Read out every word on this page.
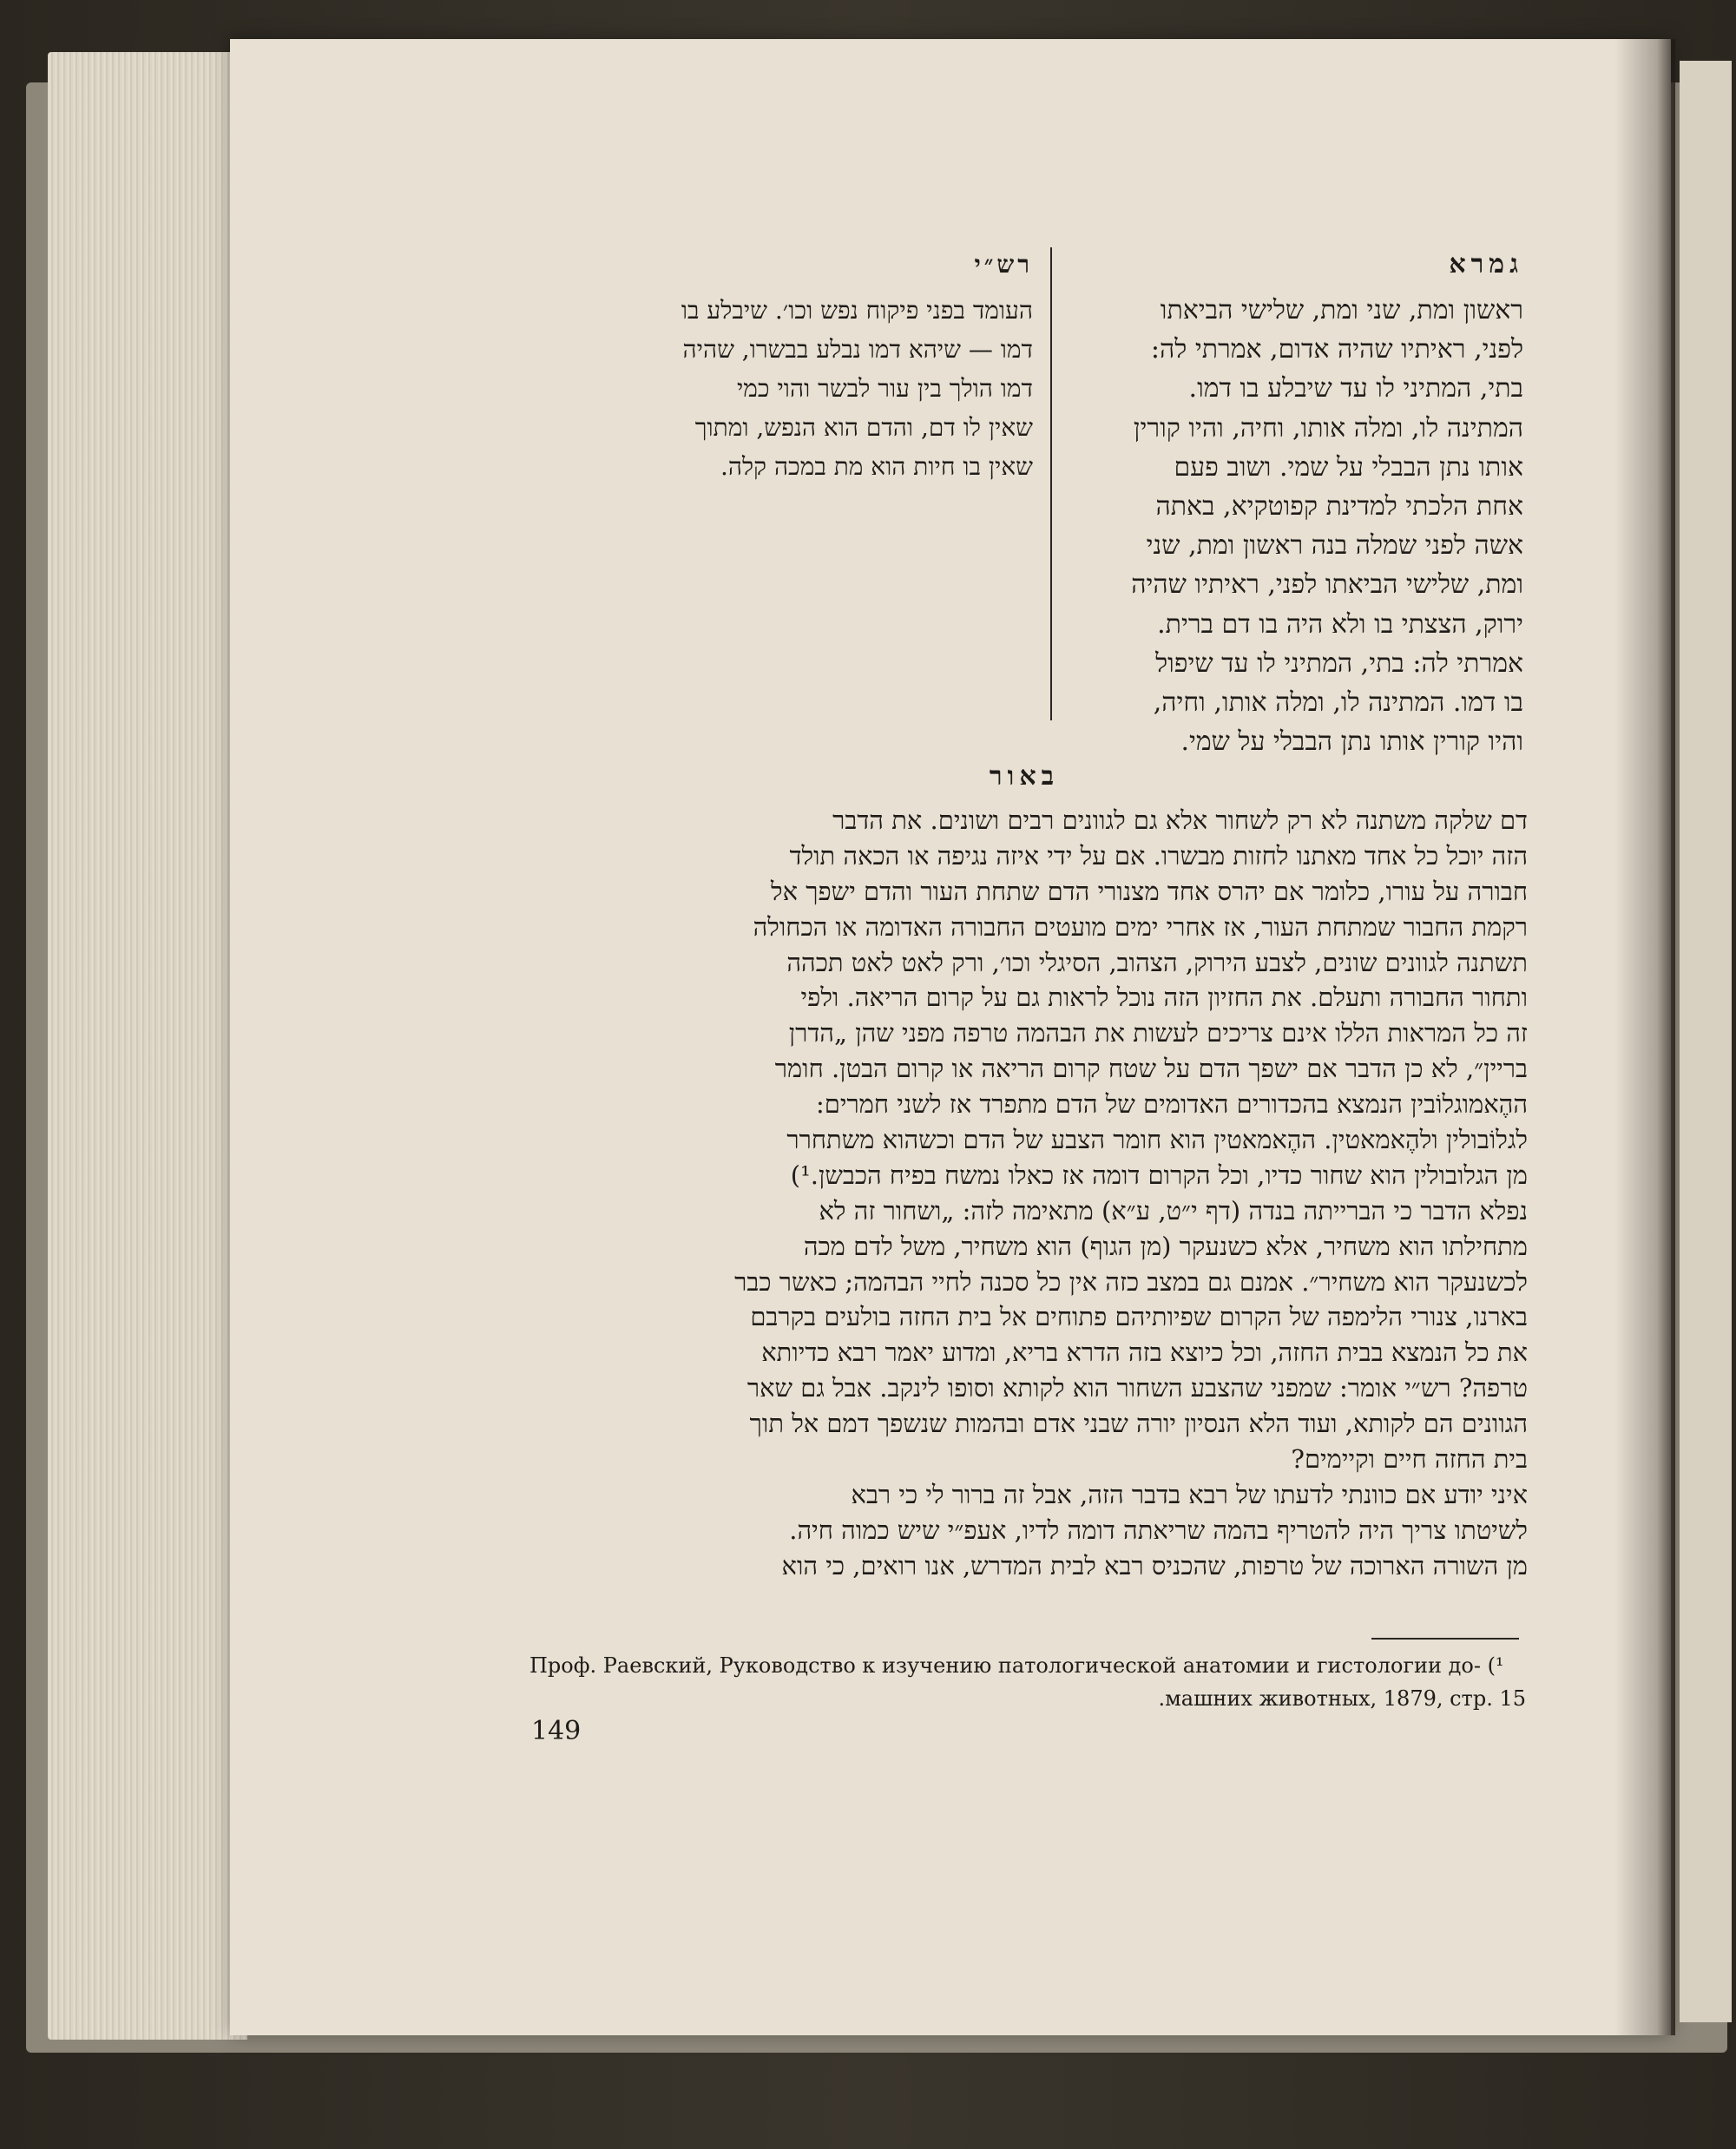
גמרא
ראשון ומת, שני ומת, שלישי הביאתו
לפני, ראיתיו שהיה אדום, אמרתי לה:
בתי, המתיני לו עד שיבלע בו דמו.
המתינה לו, ומלה אותו, וחיה, והיו קורין
אותו נתן הבבלי על שמי. ושוב פעם
אחת הלכתי למדינת קפוטקיא, באתה
אשה לפני שמלה בנה ראשון ומת, שני
ומת, שלישי הביאתו לפני, ראיתיו שהיה
ירוק, הצצתי בו ולא היה בו דם ברית.
אמרתי לה: בתי, המתיני לו עד שיפול
בו דמו. המתינה לו, ומלה אותו, וחיה,
והיו קורין אותו נתן הבבלי על שמי.
רש״י
העומד בפני פיקוח נפש וכו׳. שיבלע בו
דמו — שיהא דמו נבלע בבשרו, שהיה
דמו הולך בין עור לבשר והוי כמי
שאין לו דם, והדם הוא הנפש, ומתוך
שאין בו חיות הוא מת במכה קלה.
באור
דם שלקה משתנה לא רק לשחור אלא גם לגוונים רבים ושונים. את הדבר
הזה יוכל כל אחד מאתנו לחזות מבשרו. אם על ידי איזה נגיפה או הכאה תולד
חבורה על עורו, כלומר אם יהרס אחד מצנורי הדם שתחת העור והדם ישפך אל
רקמת החבור שמתחת העור, אז אחרי ימים מועטים החבורה האדומה או הכחולה
תשתנה לגוונים שונים, לצבע הירוק, הצהוב, הסיגלי וכו׳, ורק לאט לאט תכהה
ותחור החבורה ותעלם. את החזיון הזה נוכל לראות גם על קרום הריאה. ולפי
זה כל המראות הללו אינם צריכים לעשות את הבהמה טרפה מפני שהן „הדרן
בריין״, לא כן הדבר אם ישפך הדם על שטח קרום הריאה או קרום הבטן. חומר
ההֶאמוגלוֹבין הנמצא בהכדורים האדומים של הדם מתפרד אז לשני חמרים:
לגלוֹבולין ולהֶאמאטין. ההֶאמאטין הוא חומר הצבע של הדם וכשהוא משתחרר
מן הגלובולין הוא שחור כדיו, וכל הקרום דומה אז כאלו נמשח בפיח הכבשן.¹)
נפלא הדבר כי הברייתה בנדה (דף י״ט, ע״א) מתאימה לזה: „ושחור זה לא
מתחילתו הוא משחיר, אלא כשנעקר (מן הגוף) הוא משחיר, משל לדם מכה
לכשנעקר הוא משחיר״. אמנם גם במצב כזה אין כל סכנה לחיי הבהמה; כאשר כבר
בארנו, צנורי הלימפה של הקרום שפיותיהם פתוחים אל בית החזה בולעים בקרבם
את כל הנמצא בבית החזה, וכל כיוצא בזה הדרא בריא, ומדוע יאמר רבא כדיותא
טרפה? רש״י אומר: שמפני שהצבע השחור הוא לקותא וסופו לינקב. אבל גם שאר
הגוונים הם לקותא, ועוד הלא הנסיון יורה שבני אדם ובהמות שנשפך דמם אל תוך
בית החזה חיים וקיימים?
איני יודע אם כוונתי לדעתו של רבא בדבר הזה, אבל זה ברור לי כי רבא
לשיטתו צריך היה להטריף בהמה שריאתה דומה לדיו, אעפ״י שיש כמוה חיה.
מן השורה הארוכה של טרפות, שהכניס רבא לבית המדרש, אנו רואים, כי הוא
Проф. Раевский, Руководство к изучению патологической анатомии и гистологии до- (¹
.машних животных, 1879, стр. 15
149
